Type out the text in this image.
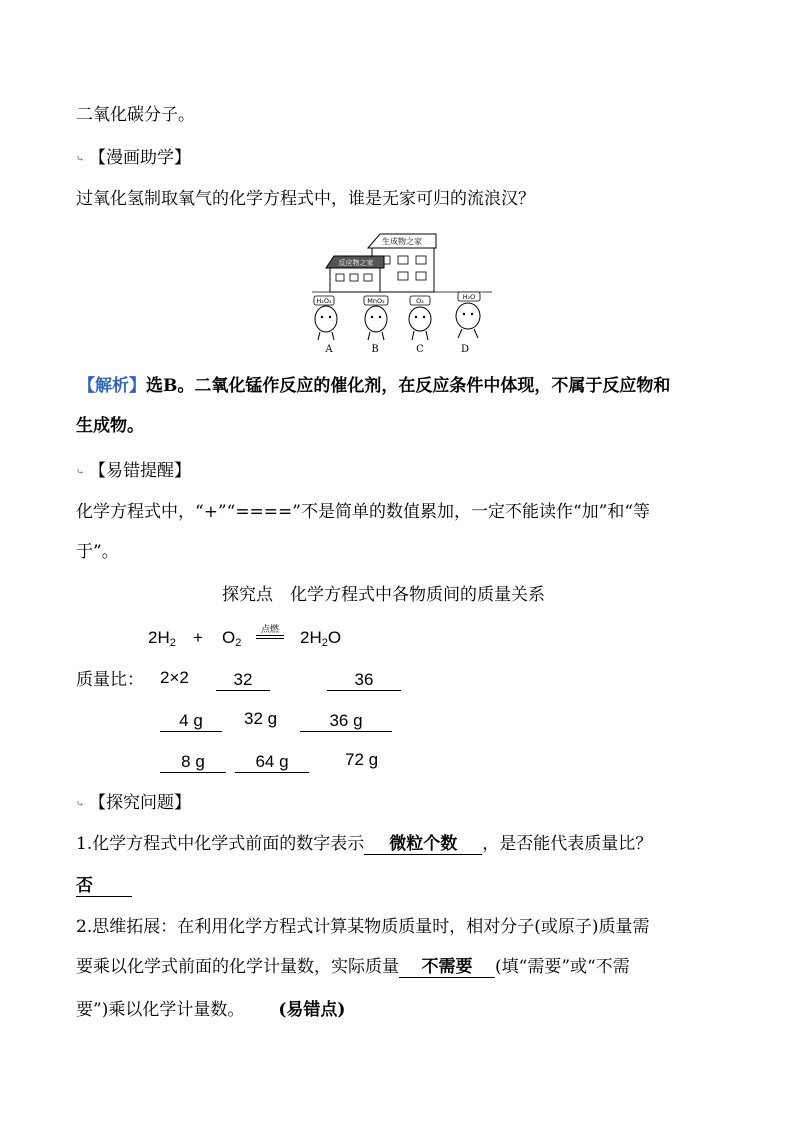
二氧化碳分子。
⤷ 【漫画助学】
过氧化氢制取氧气的化学方程式中，谁是无家可归的流浪汉？
生成物之家
反应物之家
H₂O₂	MnO₂	O₂	H₂O
A	B	C	D
【解析】选B。二氧化锰作反应的催化剂，在反应条件中体现，不属于反应物和
生成物。
⤷ 【易错提醒】
化学方程式中，“+”“====”不是简单的数值累加，一定不能读作“加”和“等
于”。
探究点　化学方程式中各物质间的质量关系
$2H_2 + O_2$
点燃 $2H_2O$
质量比： 2×2	32	36
4 g	32 g	36 g
8 g	64 g	72 g
⤷ 【探究问题】
1.化学方程式中化学式前面的数字表示 微粒个数 ，是否能代表质量比？
否
2.思维拓展：在利用化学方程式计算某物质质量时，相对分子(或原子)质量需
要乘以化学式前面的化学计量数，实际质量 不需要 (填“需要”或“不需
要”)乘以化学计量数。 (易错点)
